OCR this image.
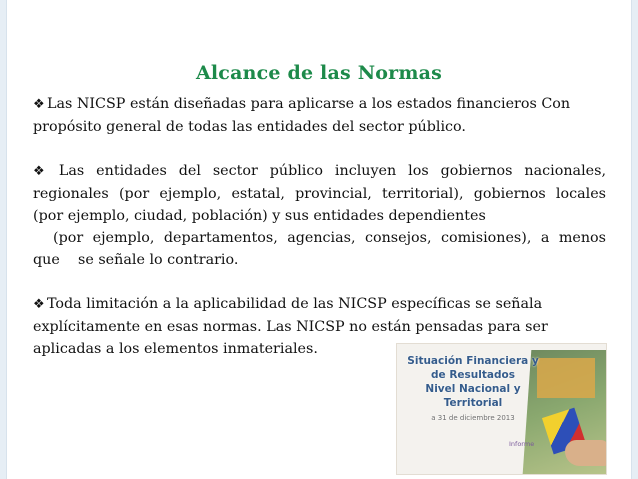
Alcance de las Normas
❖ Las NICSP están diseñadas para aplicarse a los estados financieros Con
propósito general de todas las entidades del sector público.
❖ Las entidades del sector público incluyen los gobiernos nacionales,
regionales (por ejemplo, estatal, provincial, territorial), gobiernos locales
(por ejemplo, ciudad, población) y sus entidades dependientes
(por ejemplo, departamentos, agencias, consejos, comisiones), a menos
que    se señale lo contrario.
❖ Toda limitación a la aplicabilidad de las NICSP específicas se señala
explícitamente en esas normas. Las NICSP no están pensadas para ser
aplicadas a los elementos inmateriales.
Situación Financiera y
de Resultados
Nivel Nacional y Territorial
a 31 de diciembre 2013
Informe
